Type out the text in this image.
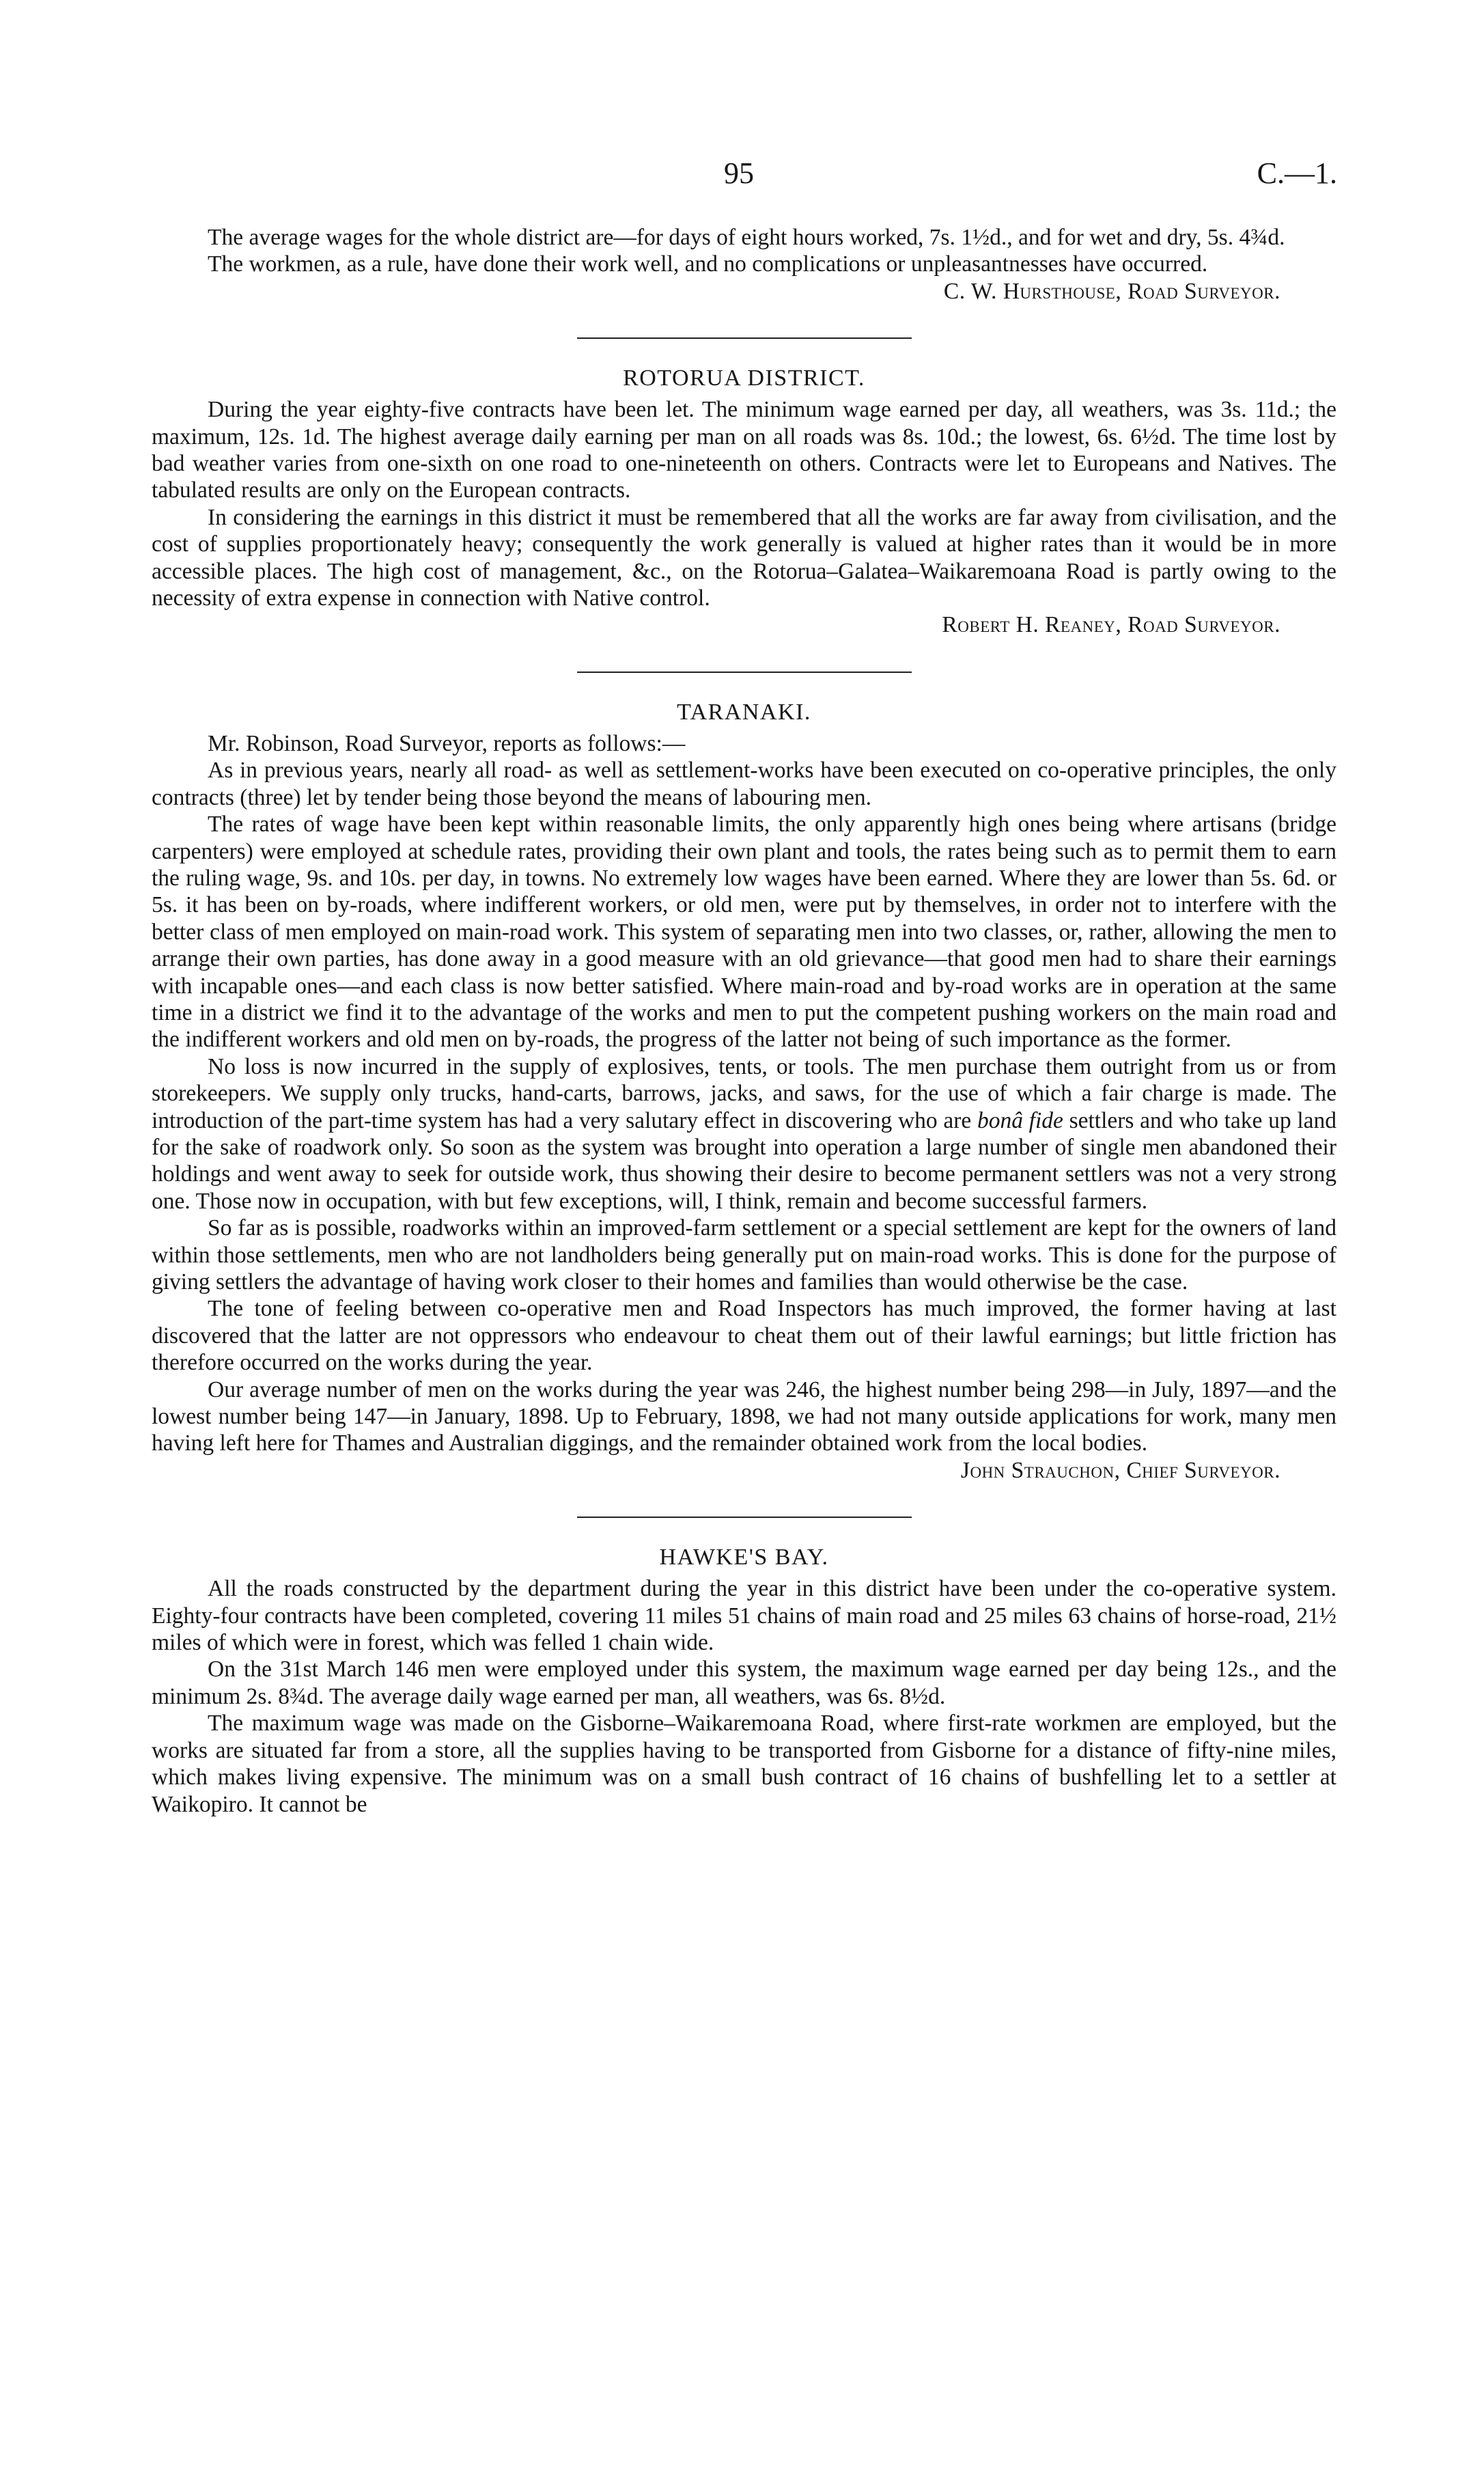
95	C.—1.

The average wages for the whole district are—for days of eight hours worked, 7s. 1½d., and for wet and dry, 5s. 4¾d.

The workmen, as a rule, have done their work well, and no complications or unpleasantnesses have occurred.

C. W. Hursthouse, Road Surveyor.

ROTORUA DISTRICT.

During the year eighty-five contracts have been let. The minimum wage earned per day, all weathers, was 3s. 11d.; the maximum, 12s. 1d. The highest average daily earning per man on all roads was 8s. 10d.; the lowest, 6s. 6½d. The time lost by bad weather varies from one-sixth on one road to one-nineteenth on others. Contracts were let to Europeans and Natives. The tabulated results are only on the European contracts.

In considering the earnings in this district it must be remembered that all the works are far away from civilisation, and the cost of supplies proportionately heavy; consequently the work generally is valued at higher rates than it would be in more accessible places. The high cost of management, &c., on the Rotorua–Galatea–Waikaremoana Road is partly owing to the necessity of extra expense in connection with Native control.

Robert H. Reaney, Road Surveyor.

TARANAKI.

Mr. Robinson, Road Surveyor, reports as follows:—

As in previous years, nearly all road- as well as settlement-works have been executed on co-operative principles, the only contracts (three) let by tender being those beyond the means of labouring men.

The rates of wage have been kept within reasonable limits, the only apparently high ones being where artisans (bridge carpenters) were employed at schedule rates, providing their own plant and tools, the rates being such as to permit them to earn the ruling wage, 9s. and 10s. per day, in towns. No extremely low wages have been earned. Where they are lower than 5s. 6d. or 5s. it has been on by-roads, where indifferent workers, or old men, were put by themselves, in order not to interfere with the better class of men employed on main-road work. This system of separating men into two classes, or, rather, allowing the men to arrange their own parties, has done away in a good measure with an old grievance—that good men had to share their earnings with incapable ones—and each class is now better satisfied. Where main-road and by-road works are in operation at the same time in a district we find it to the advantage of the works and men to put the competent pushing workers on the main road and the indifferent workers and old men on by-roads, the progress of the latter not being of such importance as the former.

No loss is now incurred in the supply of explosives, tents, or tools. The men purchase them outright from us or from storekeepers. We supply only trucks, hand-carts, barrows, jacks, and saws, for the use of which a fair charge is made. The introduction of the part-time system has had a very salutary effect in discovering who are bonâ fide settlers and who take up land for the sake of roadwork only. So soon as the system was brought into operation a large number of single men abandoned their holdings and went away to seek for outside work, thus showing their desire to become permanent settlers was not a very strong one. Those now in occupation, with but few exceptions, will, I think, remain and become successful farmers.

So far as is possible, roadworks within an improved-farm settlement or a special settlement are kept for the owners of land within those settlements, men who are not landholders being generally put on main-road works. This is done for the purpose of giving settlers the advantage of having work closer to their homes and families than would otherwise be the case.

The tone of feeling between co-operative men and Road Inspectors has much improved, the former having at last discovered that the latter are not oppressors who endeavour to cheat them out of their lawful earnings; but little friction has therefore occurred on the works during the year.

Our average number of men on the works during the year was 246, the highest number being 298—in July, 1897—and the lowest number being 147—in January, 1898. Up to February, 1898, we had not many outside applications for work, many men having left here for Thames and Australian diggings, and the remainder obtained work from the local bodies.

John Strauchon, Chief Surveyor.

HAWKE'S BAY.

All the roads constructed by the department during the year in this district have been under the co-operative system. Eighty-four contracts have been completed, covering 11 miles 51 chains of main road and 25 miles 63 chains of horse-road, 21½ miles of which were in forest, which was felled 1 chain wide.

On the 31st March 146 men were employed under this system, the maximum wage earned per day being 12s., and the minimum 2s. 8¾d. The average daily wage earned per man, all weathers, was 6s. 8½d.

The maximum wage was made on the Gisborne–Waikaremoana Road, where first-rate workmen are employed, but the works are situated far from a store, all the supplies having to be transported from Gisborne for a distance of fifty-nine miles, which makes living expensive. The minimum was on a small bush contract of 16 chains of bushfelling let to a settler at Waikopiro. It cannot be
